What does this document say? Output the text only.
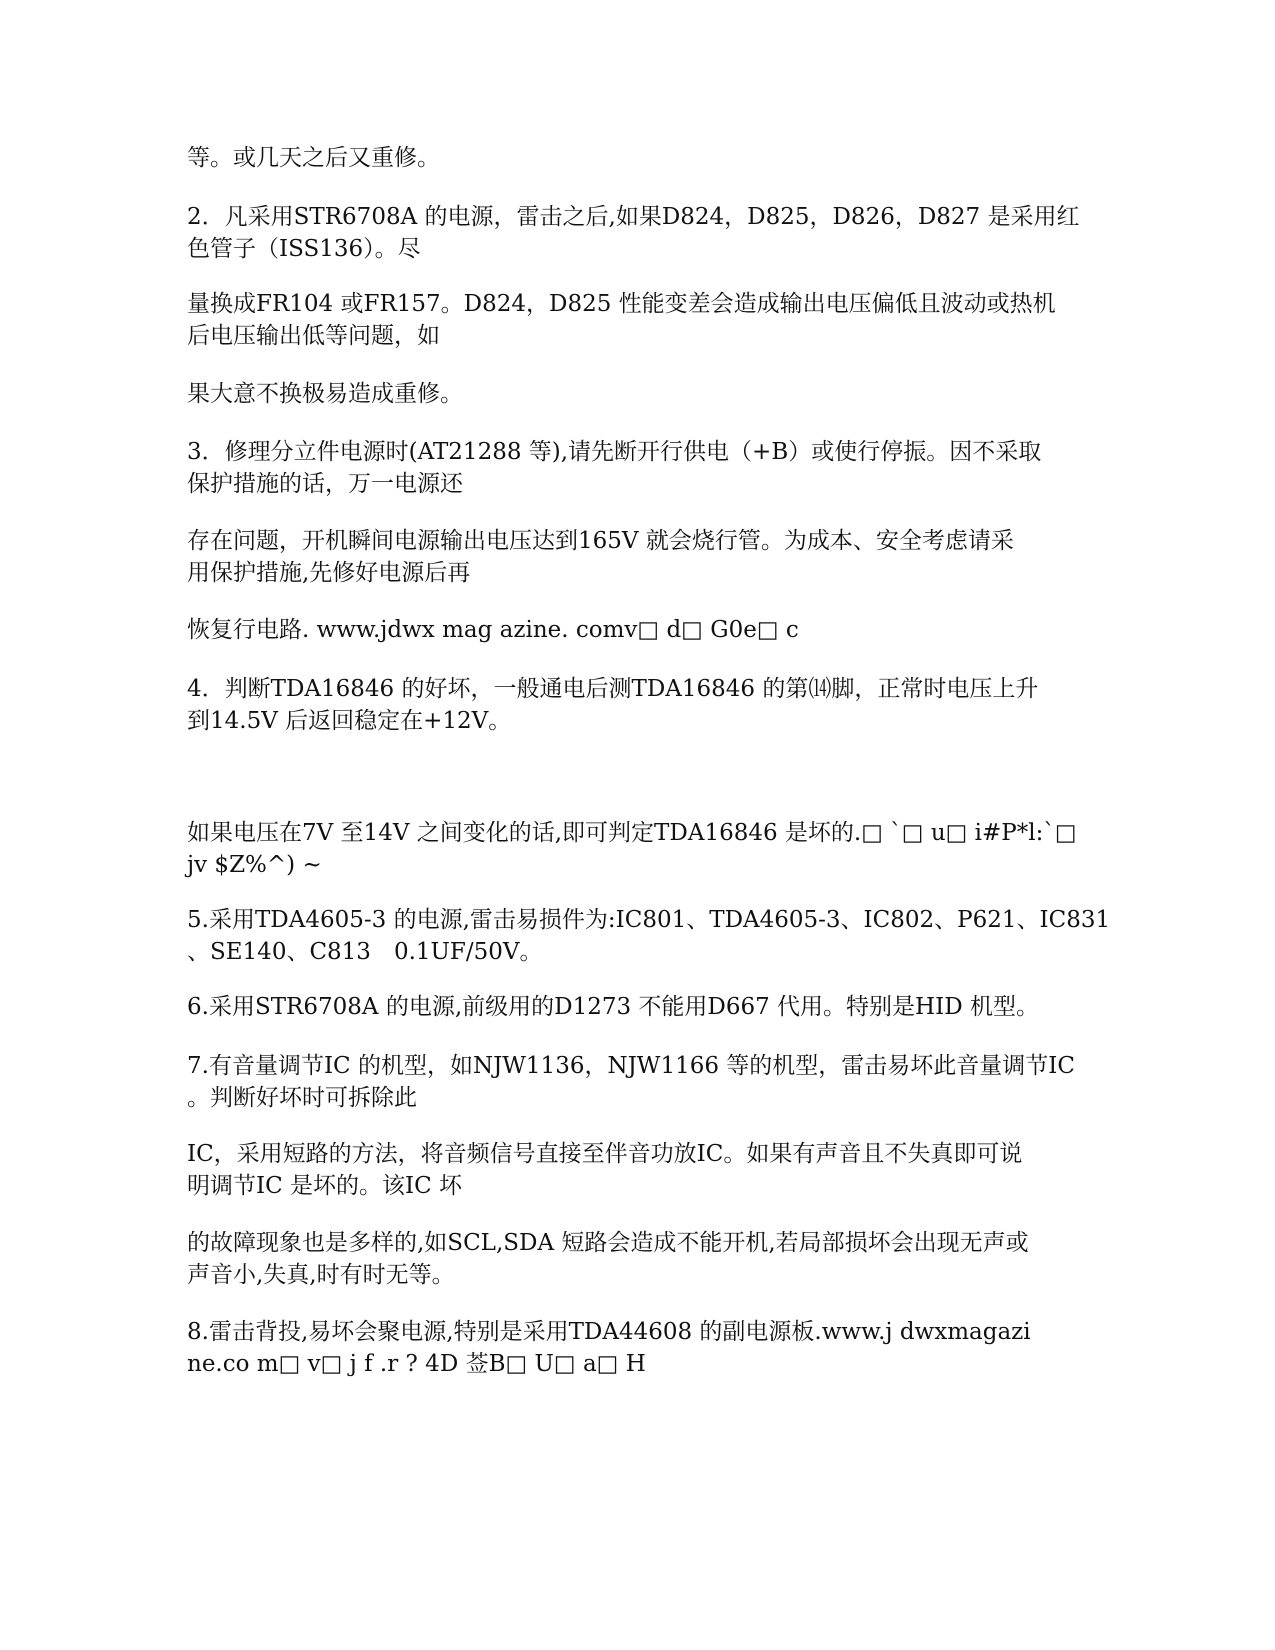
等。或几天之后又重修。
2．凡采用STR6708A 的电源，雷击之后,如果D824，D825，D826，D827 是采用红
色管子（ISS136）。尽
量换成FR104 或FR157。D824，D825 性能变差会造成输出电压偏低且波动或热机
后电压输出低等问题，如
果大意不换极易造成重修。
3．修理分立件电源时(AT21288 等),请先断开行供电（+B）或使行停振。因不采取
保护措施的话，万一电源还
存在问题，开机瞬间电源输出电压达到165V 就会烧行管。为成本、安全考虑请采
用保护措施,先修好电源后再
恢复行电路. www.jdwx mag azine. comv□ d□ G0e□ c
4．判断TDA16846 的好坏，一般通电后测TDA16846 的第⒁脚，正常时电压上升
到14.5V 后返回稳定在+12V。
如果电压在7V 至14V 之间变化的话,即可判定TDA16846 是坏的.□ `□ u□ i#P*l:`□
jv $Z%^) ~
5.采用TDA4605-3 的电源,雷击易损件为:IC801、TDA4605-3、IC802、P621、IC831
、SE140、C813　0.1UF/50V。
6.采用STR6708A 的电源,前级用的D1273 不能用D667 代用。特别是HID 机型。
7.有音量调节IC 的机型，如NJW1136，NJW1166 等的机型，雷击易坏此音量调节IC
。判断好坏时可拆除此
IC，采用短路的方法，将音频信号直接至伴音功放IC。如果有声音且不失真即可说
明调节IC 是坏的。该IC 坏
的故障现象也是多样的,如SCL,SDA 短路会造成不能开机,若局部损坏会出现无声或
声音小,失真,时有时无等。
8.雷击背投,易坏会聚电源,特别是采用TDA44608 的副电源板.www.j dwxmagazi
ne.co m□ v□ j f .r ? 4D 莶B□ U□ a□ H
